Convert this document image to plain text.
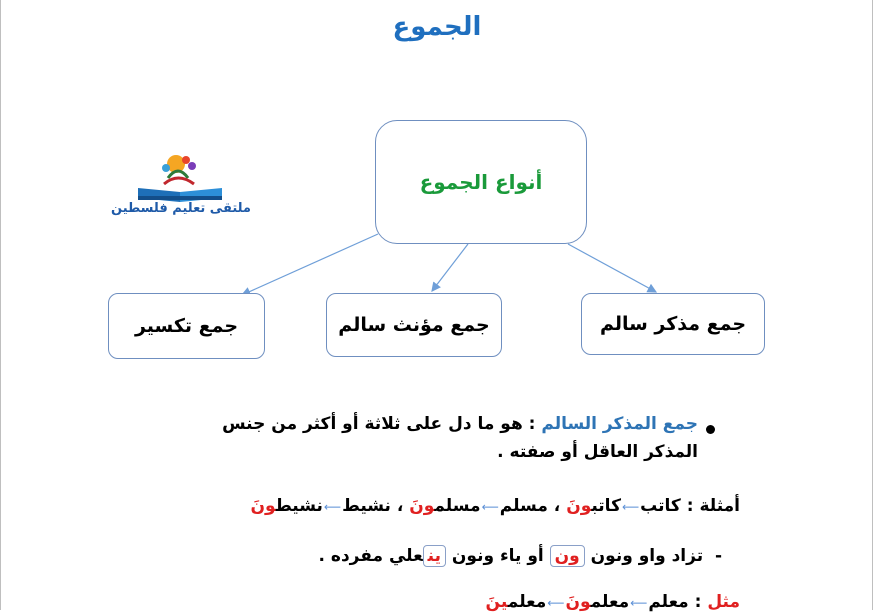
الجموع
ملتقى تعليم فلسطين
أنواع الجموع
جمع مذكر سالم
جمع مؤنث سالم
جمع تكسير
جمع المذكر السالم : هو ما دل على ثلاثة أو أكثر من جنس
المذكر العاقل أو صفته .
أمثلة : كاتب⟵كاتبونَ ، مسلم⟵مسلمونَ ، نشيط⟵نشيطونَ
-  تزاد واو ونون ون أو ياء ونون ينعلي مفرده .
مثل : معلم⟵معلمونَ⟵معلمينَ
